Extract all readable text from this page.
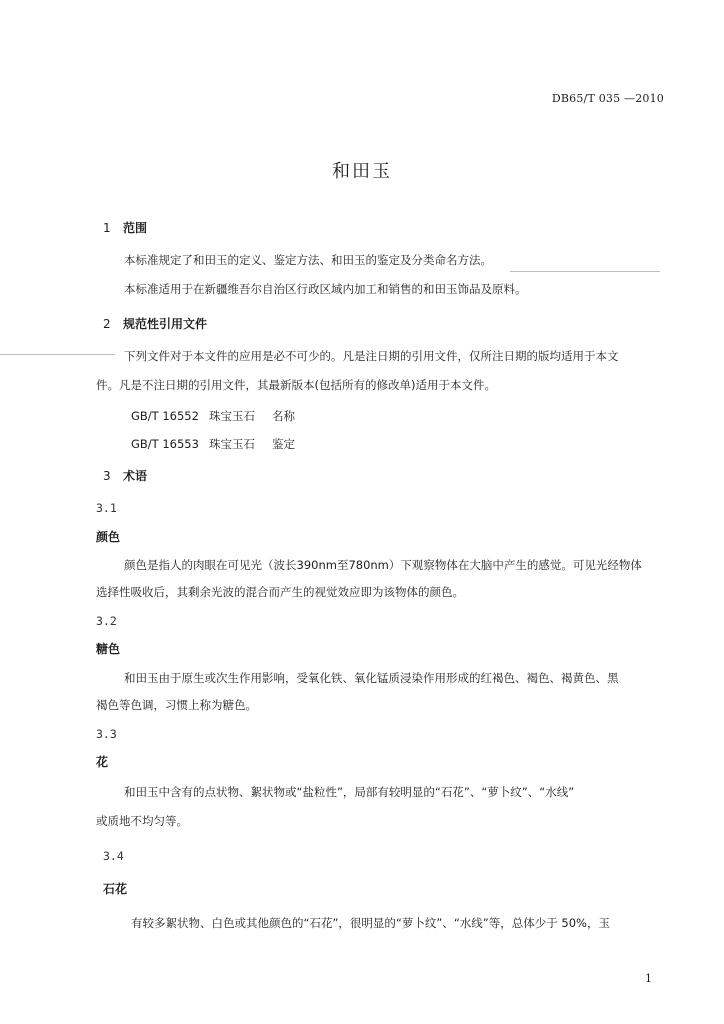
DB65/T 035 —2010
和田玉
1 范围
本标准规定了和田玉的定义、鉴定方法、和田玉的鉴定及分类命名方法。
本标准适用于在新疆维吾尔自治区行政区域内加工和销售的和田玉饰品及原料。
2 规范性引用文件
下列文件对于本文件的应用是必不可少的。凡是注日期的引用文件，仅所注日期的版均适用于本文
件。凡是不注日期的引用文件，其最新版本(包括所有的修改单)适用于本文件。
GB/T 16552 珠宝玉石 名称
GB/T 16553 珠宝玉石 鉴定
3 术语
3.1
颜色
颜色是指人的肉眼在可见光（波长390nm至780nm）下观察物体在大脑中产生的感觉。可见光经物体
选择性吸收后，其剩余光波的混合而产生的视觉效应即为该物体的颜色。
3.2
糖色
和田玉由于原生或次生作用影响，受氧化铁、氧化锰质浸染作用形成的红褐色、褐色、褐黄色、黑
褐色等色调，习惯上称为糖色。
3.3
花
和田玉中含有的点状物、絮状物或“盐粒性”，局部有较明显的“石花”、“萝卜纹”、“水线”
或质地不均匀等。
3.4
石花
有较多絮状物、白色或其他颜色的“石花”，很明显的“萝卜纹”、“水线”等，总体少于 50%，玉
1
